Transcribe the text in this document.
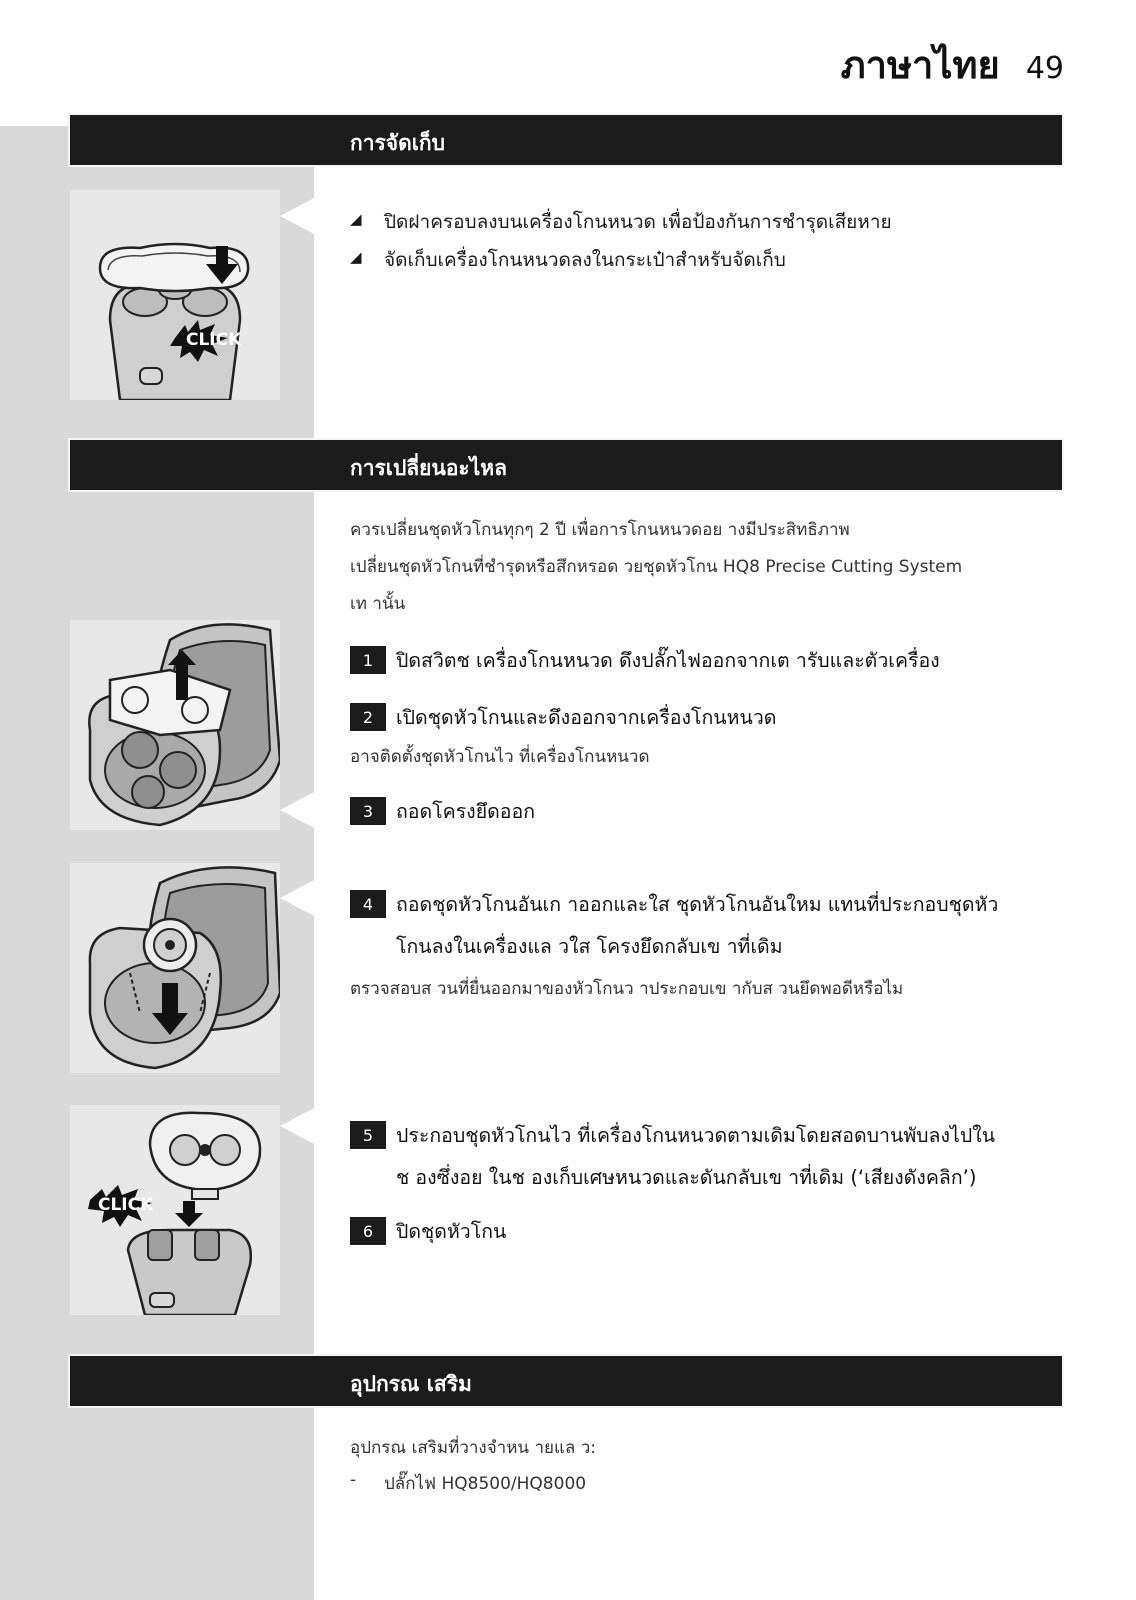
ภาษาไทย 49
การจัดเก็บ
CLICK
◢	ปิดฝาครอบลงบนเครื่องโกนหนวด เพื่อป้องกันการชำรุดเสียหาย
◢	จัดเก็บเครื่องโกนหนวดลงในกระเป๋าสำหรับจัดเก็บ
การเปลี่ยนอะไหล
ควรเปลี่ยนชุดหัวโกนทุกๆ 2 ปี เพื่อการโกนหนวดอย างมีประสิทธิภาพ
เปลี่ยนชุดหัวโกนที่ชำรุดหรือสึกหรอด วยชุดหัวโกน HQ8 Precise Cutting System
เท านั้น
1	ปิดสวิตช เครื่องโกนหนวด ดึงปลั๊กไฟออกจากเต ารับและตัวเครื่อง
2	เปิดชุดหัวโกนและดึงออกจากเครื่องโกนหนวด
อาจติดตั้งชุดหัวโกนไว ที่เครื่องโกนหนวด
3	ถอดโครงยึดออก
4	ถอดชุดหัวโกนอันเก าออกและใส ชุดหัวโกนอันใหม แทนที่ประกอบชุดหัว
โกนลงในเครื่องแล วใส โครงยึดกลับเข าที่เดิม
ตรวจสอบส วนที่ยื่นออกมาของหัวโกนว าประกอบเข ากับส วนยึดพอดีหรือไม
CLICK
5	ประกอบชุดหัวโกนไว ที่เครื่องโกนหนวดตามเดิมโดยสอดบานพับลงไปใน
ช องซึ่งอย ในช องเก็บเศษหนวดและดันกลับเข าที่เดิม (‘เสียงดังคลิก’)
6	ปิดชุดหัวโกน
อุปกรณ เสริม
อุปกรณ เสริมที่วางจำหน ายแล ว:
-	ปลั๊กไฟ HQ8500/HQ8000
